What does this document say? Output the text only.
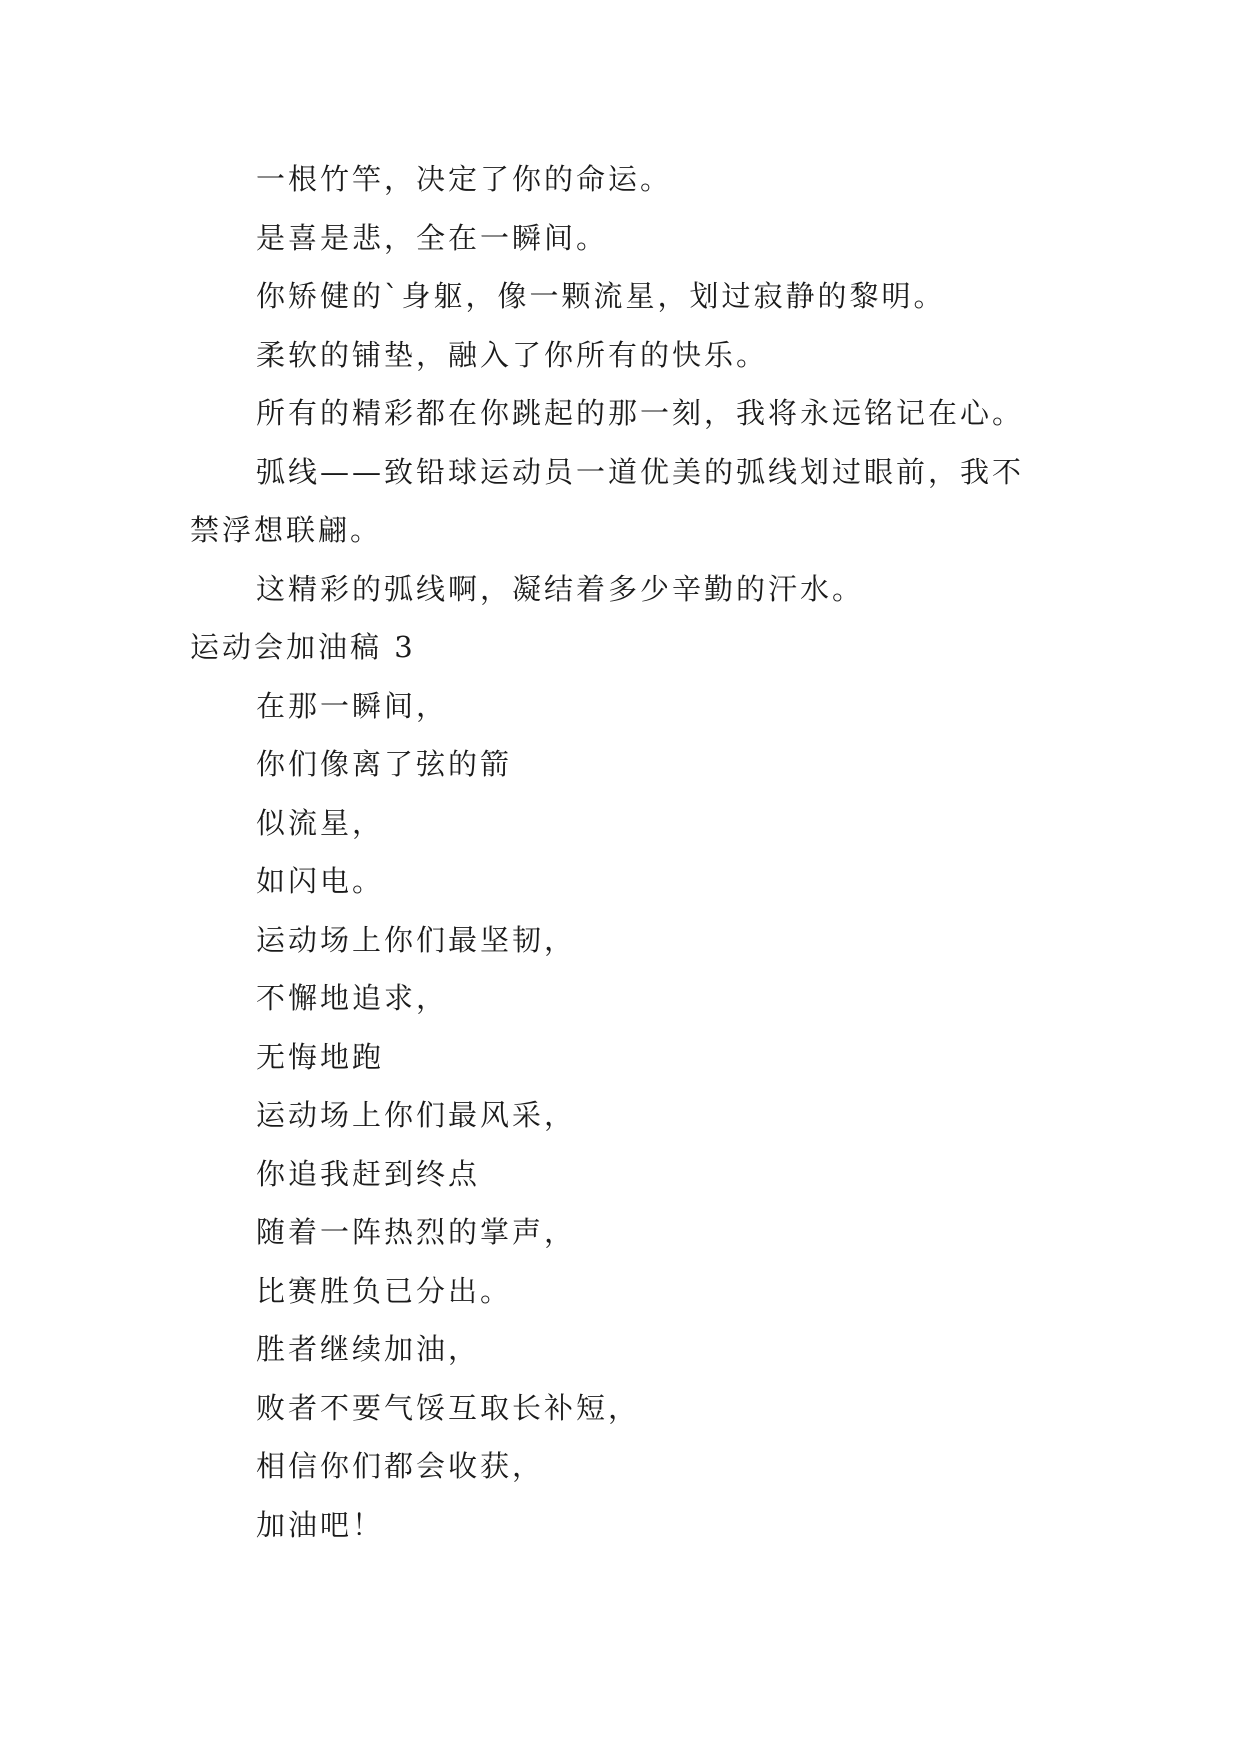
一根竹竿，决定了你的命运。
是喜是悲，全在一瞬间。
你矫健的`身躯，像一颗流星，划过寂静的黎明。
柔软的铺垫，融入了你所有的快乐。
所有的精彩都在你跳起的那一刻，我将永远铭记在心。
弧线——致铅球运动员一道优美的弧线划过眼前，我不
禁浮想联翩。
这精彩的弧线啊，凝结着多少辛勤的汗水。
运动会加油稿 3
在那一瞬间，
你们像离了弦的箭
似流星，
如闪电。
运动场上你们最坚韧，
不懈地追求，
无悔地跑
运动场上你们最风采，
你追我赶到终点
随着一阵热烈的掌声，
比赛胜负已分出。
胜者继续加油，
败者不要气馁互取长补短，
相信你们都会收获，
加油吧！
